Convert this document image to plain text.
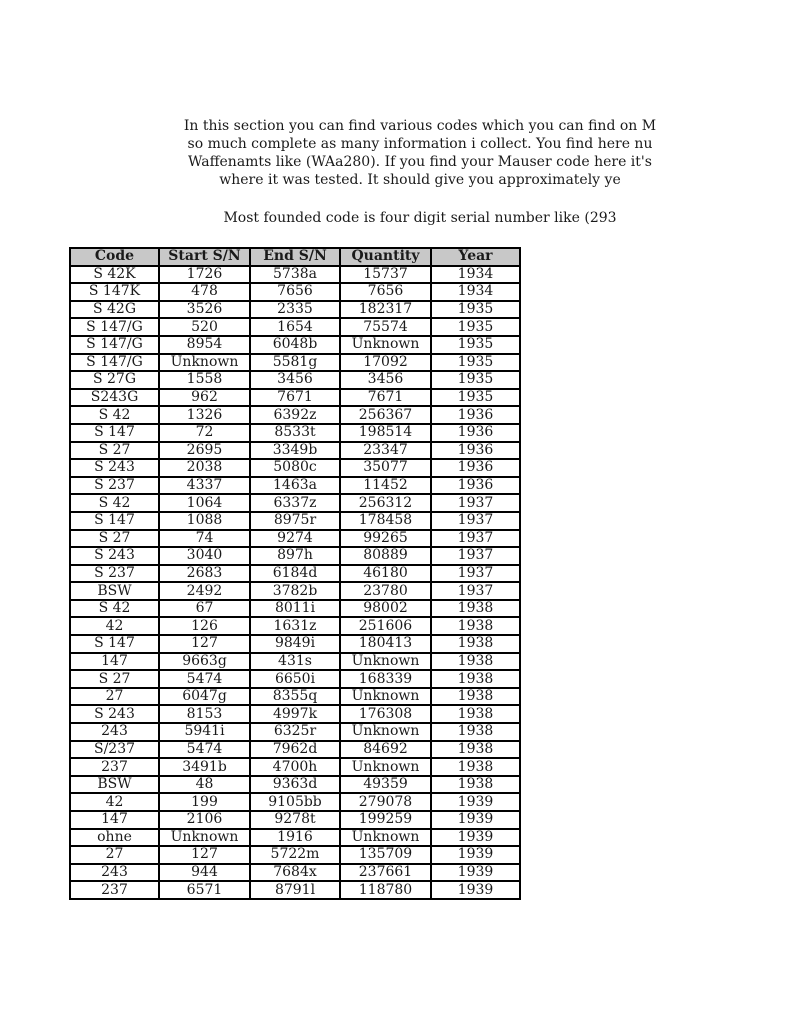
In this section you can find various codes which you can find on M
so much complete as many information i collect. You find here nu
Waffenamts like (WAa280). If you find your Mauser code here it's
where it was tested. It should give you approximately ye
Most founded code is four digit serial number like (293
Code	Start S/N	End S/N	Quantity	Year
S 42K	1726	5738a	15737	1934
S 147K	478	7656	7656	1934
S 42G	3526	2335	182317	1935
S 147/G	520	1654	75574	1935
S 147/G	8954	6048b	Unknown	1935
S 147/G	Unknown	5581g	17092	1935
S 27G	1558	3456	3456	1935
S243G	962	7671	7671	1935
S 42	1326	6392z	256367	1936
S 147	72	8533t	198514	1936
S 27	2695	3349b	23347	1936
S 243	2038	5080c	35077	1936
S 237	4337	1463a	11452	1936
S 42	1064	6337z	256312	1937
S 147	1088	8975r	178458	1937
S 27	74	9274	99265	1937
S 243	3040	897h	80889	1937
S 237	2683	6184d	46180	1937
BSW	2492	3782b	23780	1937
S 42	67	8011i	98002	1938
42	126	1631z	251606	1938
S 147	127	9849i	180413	1938
147	9663g	431s	Unknown	1938
S 27	5474	6650i	168339	1938
27	6047g	8355q	Unknown	1938
S 243	8153	4997k	176308	1938
243	5941i	6325r	Unknown	1938
S/237	5474	7962d	84692	1938
237	3491b	4700h	Unknown	1938
BSW	48	9363d	49359	1938
42	199	9105bb	279078	1939
147	2106	9278t	199259	1939
ohne	Unknown	1916	Unknown	1939
27	127	5722m	135709	1939
243	944	7684x	237661	1939
237	6571	8791l	118780	1939
